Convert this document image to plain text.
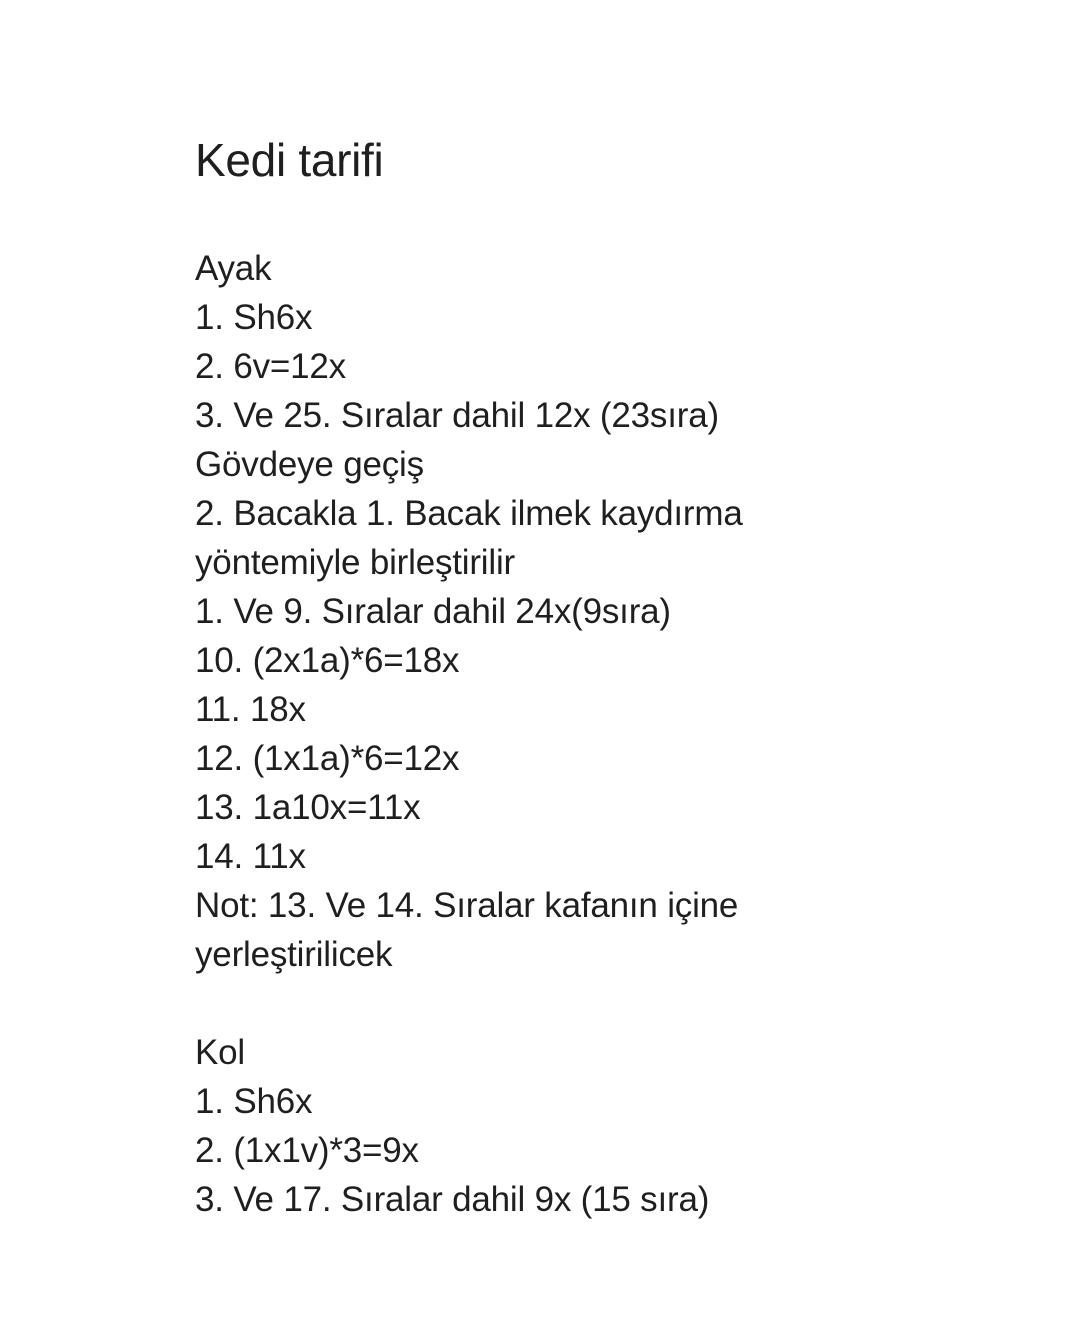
Kedi tarifi
Ayak
1. Sh6x
2. 6v=12x
3. Ve 25. Sıralar dahil 12x (23sıra)
Gövdeye geçiş
2. Bacakla 1. Bacak ilmek kaydırma
yöntemiyle birleştirilir
1. Ve 9. Sıralar dahil 24x(9sıra)
10. (2x1a)*6=18x
11. 18x
12. (1x1a)*6=12x
13. 1a10x=11x
14. 11x
Not: 13. Ve 14. Sıralar kafanın içine
yerleştirilicek
Kol
1. Sh6x
2. (1x1v)*3=9x
3. Ve 17. Sıralar dahil 9x (15 sıra)
